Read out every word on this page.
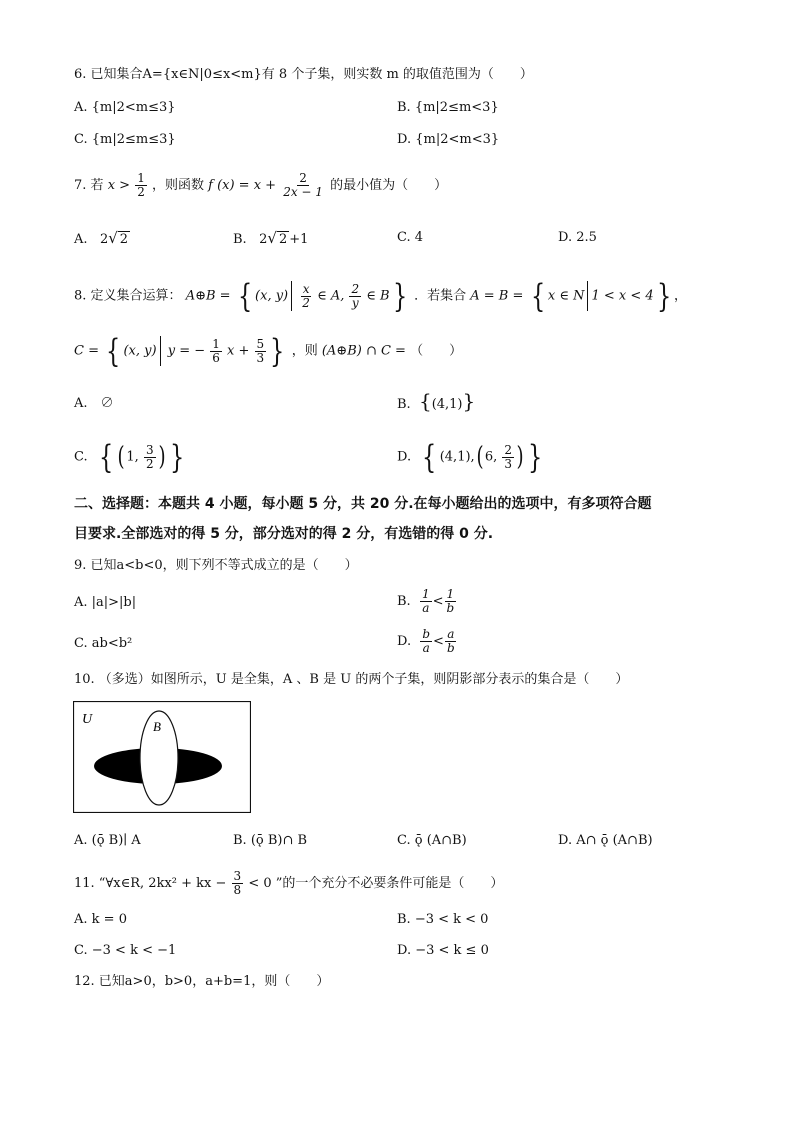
6. 已知集合A={x∈N|0≤x<m}有 8 个子集，则实数 m 的取值范围为（　　）
A. {m|2<m≤3}	B. {m|2≤m<3}
C. {m|2≤m≤3}	D. {m|2<m<3}
7. 若 $x > \frac{1}{2}$ ，则函数 f $(x) = x + \frac{2}{2x - 1}$ 的最小值为（　　）
A. 2√ 2	B. 2√ 2 +1	C. 4	D. 2.5
8. 定义集合运算： A⊕B = { (x, $y) \frac{x}{2}$ ∈ A, $\frac{2}{y}$ ∈ B} ．若集合 A = B = { x ∈ N 1 < x < 4} ，
C = { (x, y) y = − $\frac{1}{6}$ $x + \frac{5}{3}$ } ，则 (A⊕B) ∩ C = （　　）
A.　∅	B. {(4,1)}
C. { ( 1, $\frac{3}{2}$ ) }	D. { (4,1),( 6, $\frac{2}{3}$ ) }
二、选择题：本题共 4 小题，每小题 5 分，共 20 分.在每小题给出的选项中，有多项符合题
目要求.全部选对的得 5 分，部分选对的得 2 分，有选错的得 0 分.
9. 已知a<b<0，则下列不等式成立的是（　　）
A. |a|>|b|	B. $\frac{1}{a} < \frac{1}{b}$
C. ab<b²	D. $\frac{b}{a} < \frac{a}{b}$
10. （多选）如图所示，U 是全集，A 、B 是 U 的两个子集，则阴影部分表示的集合是（　　）
U	B
A. (ǭ B)∣ A	B. (ǭ B)∩ B	C. ǭ (A∩B)	D. A∩ ǭ (A∩B)
11. “∀x∈R, 2kx² + kx − $\frac{3}{8} < 0$ ”的一个充分不必要条件可能是（　　）
A. k = 0	B. −3 < k < 0
C. −3 < k < −1	D. −3 < k ≤ 0
12. 已知a>0，b>0，a+b=1，则（　　）
